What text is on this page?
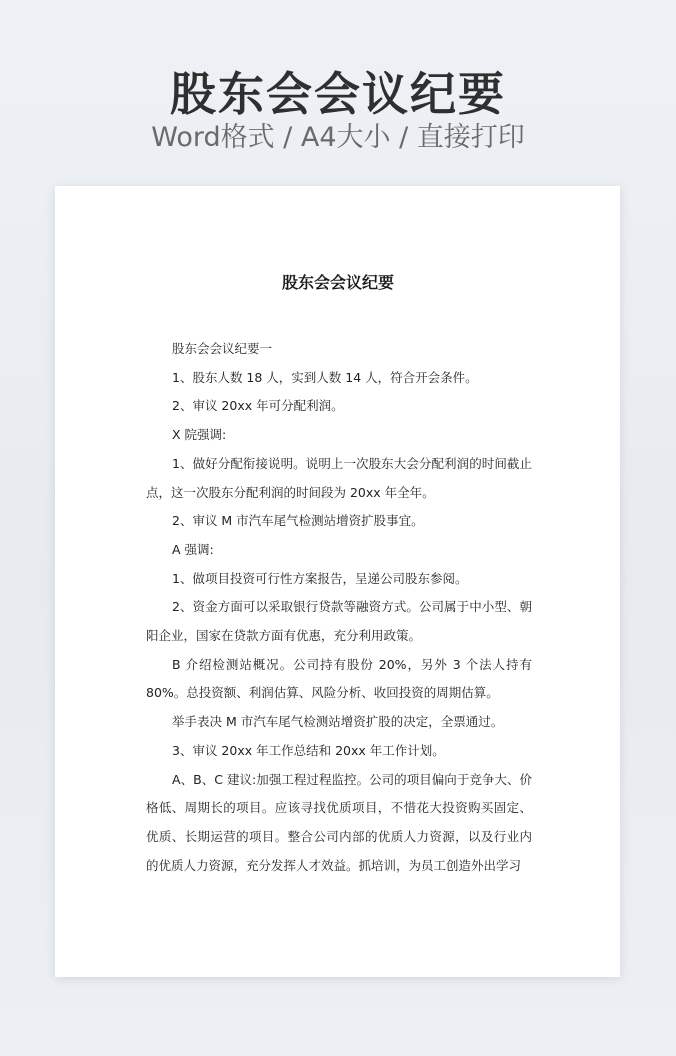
股东会会议纪要
Word格式 / A4大小 / 直接打印
股东会会议纪要

股东会会议纪要一

1、股东人数 18 人，实到人数 14 人，符合开会条件。

2、审议 20xx 年可分配利润。

X 院强调:

1、做好分配衔接说明。说明上一次股东大会分配利润的时间截止点，这一次股东分配利润的时间段为 20xx 年全年。

2、审议 M 市汽车尾气检测站增资扩股事宜。

A 强调:

1、做项目投资可行性方案报告，呈递公司股东参阅。

2、资金方面可以采取银行贷款等融资方式。公司属于中小型、朝阳企业，国家在贷款方面有优惠，充分利用政策。

B 介绍检测站概况。公司持有股份 20%，另外 3 个法人持有 80%。总投资额、利润估算、风险分析、收回投资的周期估算。

举手表决 M 市汽车尾气检测站增资扩股的决定，全票通过。

3、审议 20xx 年工作总结和 20xx 年工作计划。

A、B、C 建议:加强工程过程监控。公司的项目偏向于竞争大、价格低、周期长的项目。应该寻找优质项目，不惜花大投资购买固定、优质、长期运营的项目。整合公司内部的优质人力资源，以及行业内的优质人力资源，充分发挥人才效益。抓培训，为员工创造外出学习
